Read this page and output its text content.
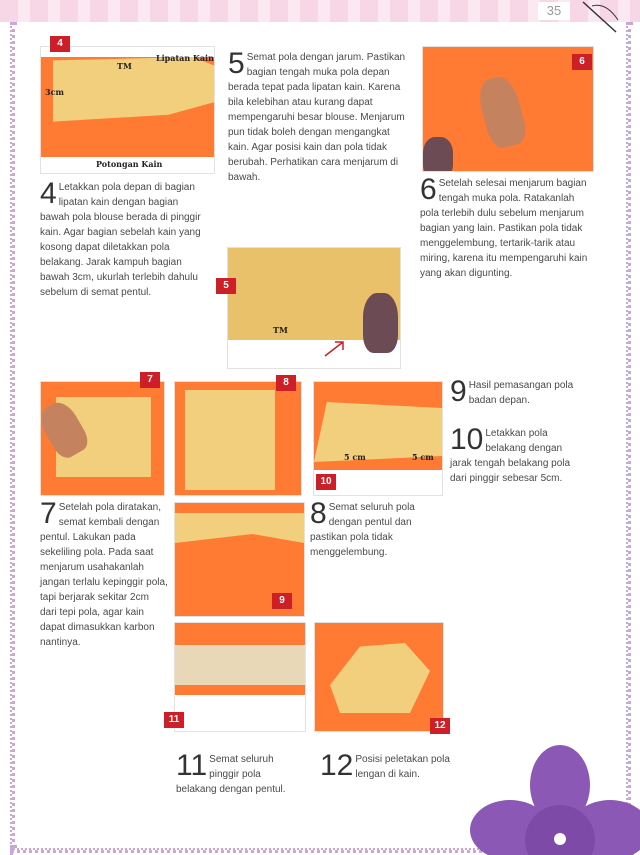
35
Lipatan Kain
TM
3cm
Potongan Kain
4
5 Semat pola dengan jarum. Pastikan bagian tengah muka pola depan berada tepat pada lipatan kain. Karena bila kelebihan atau kurang dapat mempengaruhi besar blouse. Menjarum pun tidak boleh dengan mengangkat kain. Agar posisi kain dan pola tidak berubah. Perhatikan cara menjarum di bawah.
6
4 Letakkan pola depan di bagian lipatan kain dengan bagian bawah pola blouse berada di pinggir kain. Agar bagian sebelah kain yang kosong dapat diletakkan pola belakang. Jarak kampuh bagian bawah 3cm, ukurlah terlebih dahulu sebelum di semat pentul.
6 Setelah selesai menjarum bagian tengah muka pola. Ratakanlah pola terlebih dulu sebelum menjarum bagian yang lain. Pastikan pola tidak menggelembung, tertarik-tarik atau miring, karena itu mempengaruhi kain yang akan digunting.
TM
5
7	8
5 cm	5 cm
10
9 Hasil pemasangan pola badan depan.
10 Letakkan pola belakang dengan jarak tengah belakang pola dari pinggir sebesar 5cm.
7 Setelah pola diratakan, semat kembali dengan pentul. Lakukan pada sekeliling pola. Pada saat menjarum usahakanlah jangan terlalu kepinggir pola, tapi berjarak sekitar 2cm dari tepi pola, agar kain dapat dimasukkan karbon nantinya.
9
8 Semat seluruh pola dengan pentul dan pastikan pola tidak menggelembung.
11
12
11 Semat seluruh pinggir pola belakang dengan pentul.
12 Posisi peletakan pola lengan di kain.
